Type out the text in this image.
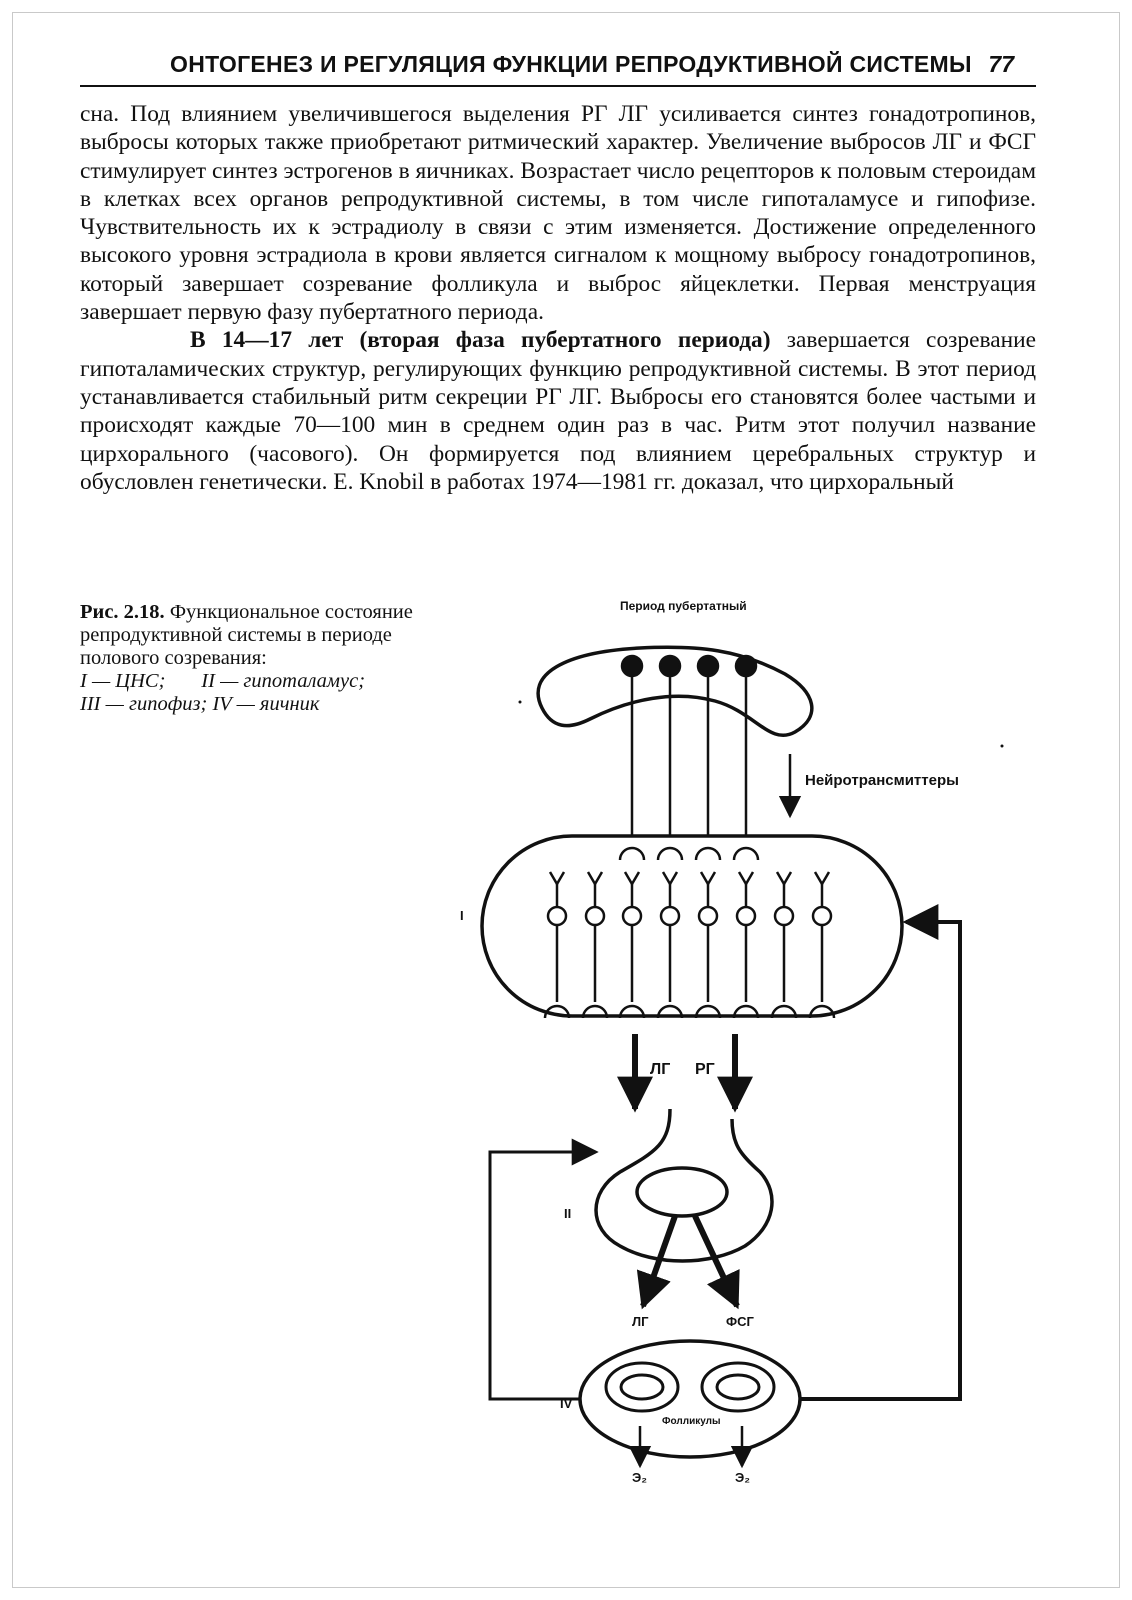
ОНТОГЕНЕЗ И РЕГУЛЯЦИЯ ФУНКЦИИ РЕПРОДУКТИВНОЙ СИСТЕМЫ 77

сна. Под влиянием увеличившегося выделения РГ ЛГ усиливается синтез гонадотропинов, выбросы которых также приобретают ритмический характер. Увеличение выбросов ЛГ и ФСГ стимулирует синтез эстрогенов в яичниках. Возрастает число рецепторов к половым стероидам в клетках всех органов репродуктивной системы, в том числе гипоталамусе и гипофизе. Чувствительность их к эстрадиолу в связи с этим изменяется. Достижение определенного высокого уровня эстрадиола в крови является сигналом к мощному выбросу гонадотропинов, который завершает созревание фолликула и выброс яйцеклетки. Первая менструация завершает первую фазу пубертатного периода.

В 14—17 лет (вторая фаза пубертатного периода) завершается созревание гипоталамических структур, регулирующих функцию репродуктивной системы. В этот период устанавливается стабильный ритм секреции РГ ЛГ. Выбросы его становятся более частыми и происходят каждые 70—100 мин в среднем один раз в час. Ритм этот получил название цирхорального (часового). Он формируется под влиянием церебральных структур и обусловлен генетически. E. Knobil в работах 1974—1981 гг. доказал, что цирхоральный

Рис. 2.18. Функциональное состояние репродуктивной системы в периоде полового созревания:
I — ЦНС; II — гипоталамус;
III — гипофиз; IV — яичник
Период пубертатный
Нейротрансмиттеры
I
II
ЛГ РГ
ЛГ	ФСГ
IV
Фолликулы
Э₂	Э₂
